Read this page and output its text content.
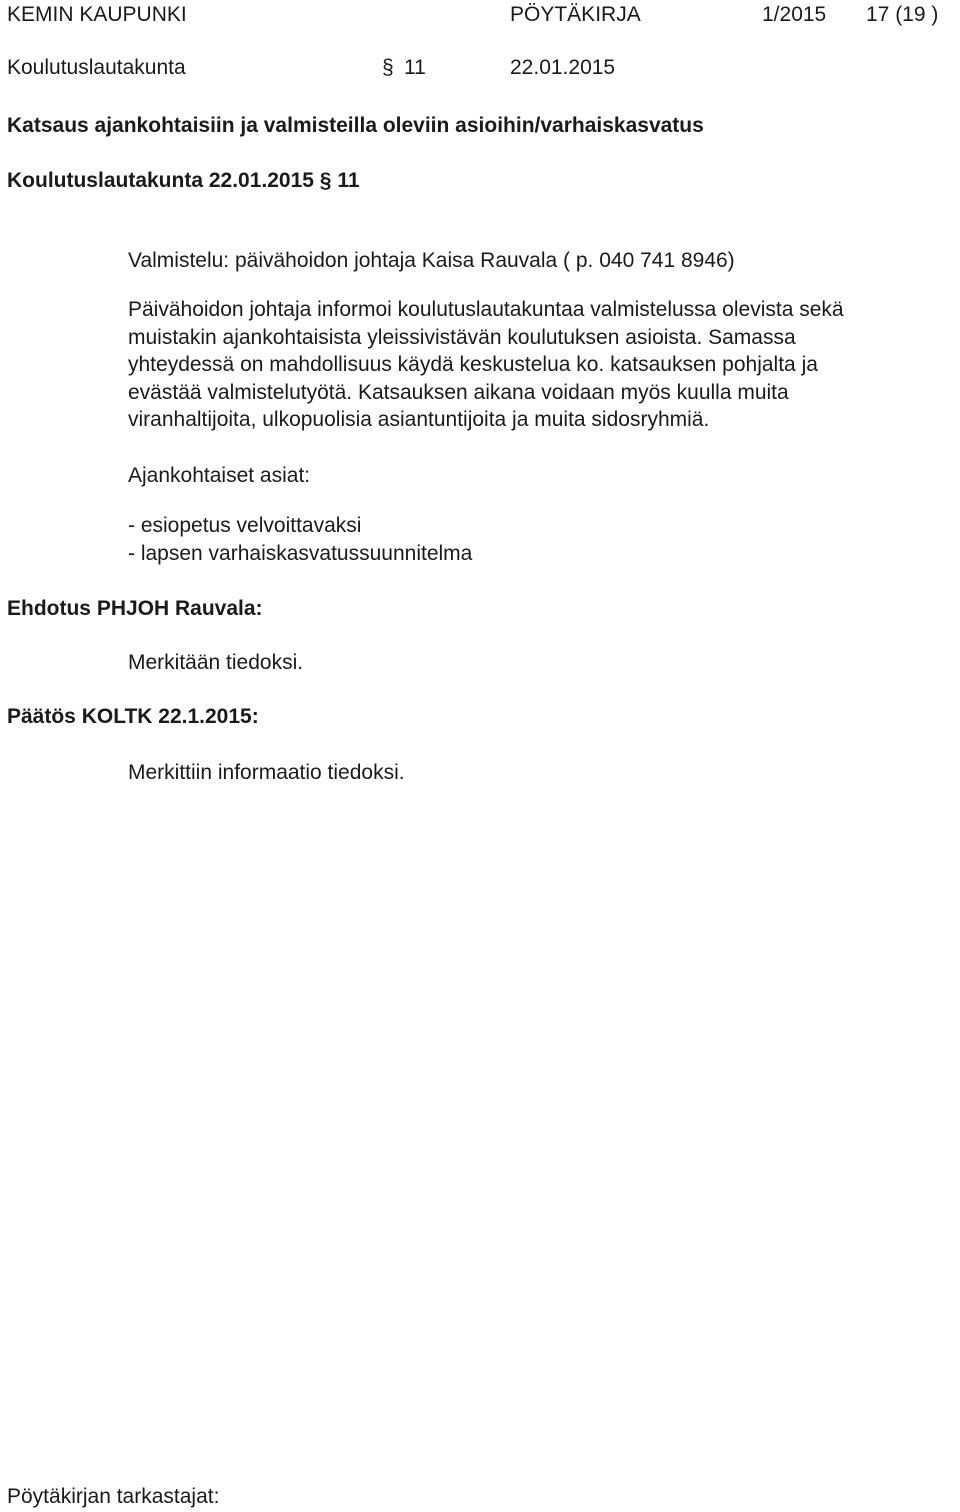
KEMIN KAUPUNKI	PÖYTÄKIRJA	1/2015 17 (19 )
Koulutuslautakunta	§ 11	22.01.2015
Katsaus ajankohtaisiin ja valmisteilla oleviin asioihin/varhaiskasvatus
Koulutuslautakunta 22.01.2015 § 11
Valmistelu: päivähoidon johtaja Kaisa Rauvala ( p. 040 741 8946)
Päivähoidon johtaja informoi koulutuslautakuntaa valmistelussa olevista sekä
muistakin ajankohtaisista yleissivistävän koulutuksen asioista. Samassa
yhteydessä on mahdollisuus käydä keskustelua ko. katsauksen pohjalta ja
evästää valmistelutyötä. Katsauksen aikana voidaan myös kuulla muita
viranhaltijoita, ulkopuolisia asiantuntijoita ja muita sidosryhmiä.
Ajankohtaiset asiat:
- esiopetus velvoittavaksi
- lapsen varhaiskasvatussuunnitelma
Ehdotus PHJOH Rauvala:
Merkitään tiedoksi.
Päätös KOLTK 22.1.2015:
Merkittiin informaatio tiedoksi.
Pöytäkirjan tarkastajat:
